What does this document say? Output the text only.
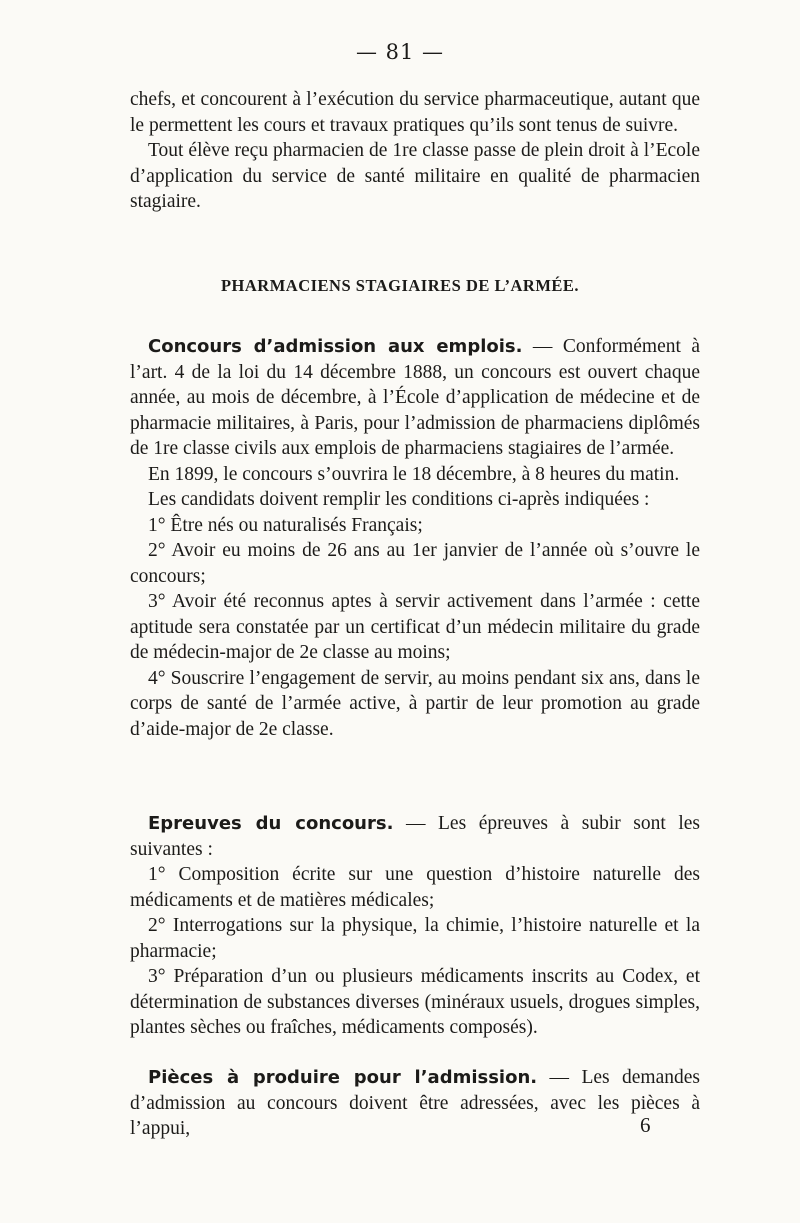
— 81 —

chefs, et concourent à l’exécution du service pharmaceutique, autant que le permettent les cours et travaux pratiques qu’ils sont tenus de suivre.

Tout élève reçu pharmacien de 1re classe passe de plein droit à l’Ecole d’application du service de santé militaire en qualité de pharmacien stagiaire.

PHARMACIENS STAGIAIRES DE L’ARMÉE.

Concours d’admission aux emplois. — Conformément à l’art. 4 de la loi du 14 décembre 1888, un concours est ouvert chaque année, au mois de décembre, à l’École d’application de médecine et de pharmacie militaires, à Paris, pour l’admission de pharmaciens diplômés de 1re classe civils aux emplois de pharmaciens stagiaires de l’armée.

En 1899, le concours s’ouvrira le 18 décembre, à 8 heures du matin.

Les candidats doivent remplir les conditions ci-après indiquées :

1° Être nés ou naturalisés Français;

2° Avoir eu moins de 26 ans au 1er janvier de l’année où s’ouvre le concours;

3° Avoir été reconnus aptes à servir activement dans l’armée : cette aptitude sera constatée par un certificat d’un médecin militaire du grade de médecin-major de 2e classe au moins;

4° Souscrire l’engagement de servir, au moins pendant six ans, dans le corps de santé de l’armée active, à partir de leur promotion au grade d’aide-major de 2e classe.

Epreuves du concours. — Les épreuves à subir sont les suivantes :

1° Composition écrite sur une question d’histoire naturelle des médicaments et de matières médicales;

2° Interrogations sur la physique, la chimie, l’histoire naturelle et la pharmacie;

3° Préparation d’un ou plusieurs médicaments inscrits au Codex, et détermination de substances diverses (minéraux usuels, drogues simples, plantes sèches ou fraîches, médicaments composés).

Pièces à produire pour l’admission. — Les demandes d’admission au concours doivent être adressées, avec les pièces à l’appui,	6
